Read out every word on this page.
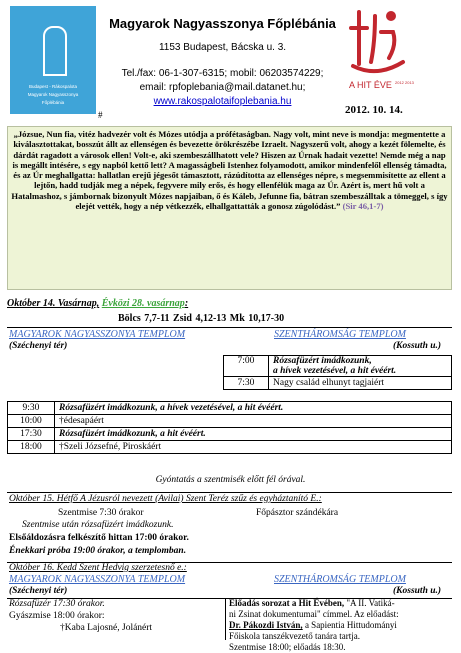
Budapest - Rákospalota
Magyarok Nagyasszonya
Főplébánia
Magyarok Nagyasszonya Főplébánia
1153 Budapest, Bácska u. 3.
Tel./fax: 06-1-307-6315; mobil: 06203574229;
email: rpfoplebania@mail.datanet.hu;
www.rakospalotaifoplebania.hu
#
A HIT ÉVE 2012 2013
2012. 10. 14.
„Józsue, Nun fia, vitéz hadvezér volt és Mózes utódja a prófétaságban. Nagy volt, mint neve is mondja: megmentette a kiválasztottakat, bosszút állt az ellenségen és bevezette örökrészébe Izraelt. Nagyszerű volt, ahogy a kezét fölemelte, és dárdát ragadott a városok ellen! Volt-e, aki szembeszállhatott vele? Hiszen az Úrnak hadait vezette! Nemde még a nap is megállt intésére, s egy napból kettő lett? A magasságbeli Istenhez folyamodott, amikor mindenfelől ellenség támadta, és az Úr meghallgatta: hallatlan erejű jégesőt támasztott, rázúdította az ellenséges népre, s megsemmisítette az ellent a lejtőn, hadd tudják meg a népek, fegyvere mily erős, és hogy ellenfélük maga az Úr. Azért is, mert hű volt a Hatalmashoz, s jámbornak bizonyult Mózes napjaiban, ő és Káleb, Jefunne fia, bátran szembeszálltak a tömeggel, s így elejét vették, hogy a nép vétkezzék, elhallgattatták a gonosz zúgolódást.” (Sir 46,1-7)
Október 14. Vasárnap, Évközi 28. vasárnap:
Bölcs 7,7-11 Zsid 4,12-13 Mk 10,17-30
MAGYAROK NAGYASSZONYA TEMPLOM	SZENTHÁROMSÁG TEMPLOM
(Széchenyi tér)	(Kossuth u.)
7:00	Rózsafüzért imádkozunk,
a hívek vezetésével, a hit évéért.

7:30	Nagy család elhunyt tagjaiért
9:30	Rózsafüzért imádkozunk, a hívek vezetésével, a hit évéért.
10:00	†édesapáért
17:30	Rózsafüzért imádkozunk, a hit évéért.
18:00	†Szeli Józsefné, Piroskáért
Gyóntatás a szentmisék előtt fél órával.
Október 15. Hétfő A Jézusról nevezett (Avilai) Szent Teréz szűz és egyháztanító E.:
Szentmise 7:30 órakor	Főpásztor szándékára
Szentmise után rózsafüzért imádkozunk.
Elsőáldozásra felkészítő hittan 17:00 órakor.
Énekkari próba 19:00 órakor, a templomban.
Október 16. Kedd Szent Hedvig szerzetesnő e.:
MAGYAROK NAGYASSZONYA TEMPLOM	SZENTHÁROMSÁG TEMPLOM
(Széchenyi tér)	(Kossuth u.)
Rózsafüzér 17:30 órakor.
Gyászmise 18:00 órakor:
†Kaba Lajosné, Jolánért
Előadás sorozat a Hit Évében, "A II. Vatiká-
ni Zsinat dokumentumai" címmel. Az előadást:
Dr. Pákozdi István, a Sapientia Hittudományi
Főiskola tanszékvezető tanára tartja.
Szentmise 18:00; előadás 18:30.
